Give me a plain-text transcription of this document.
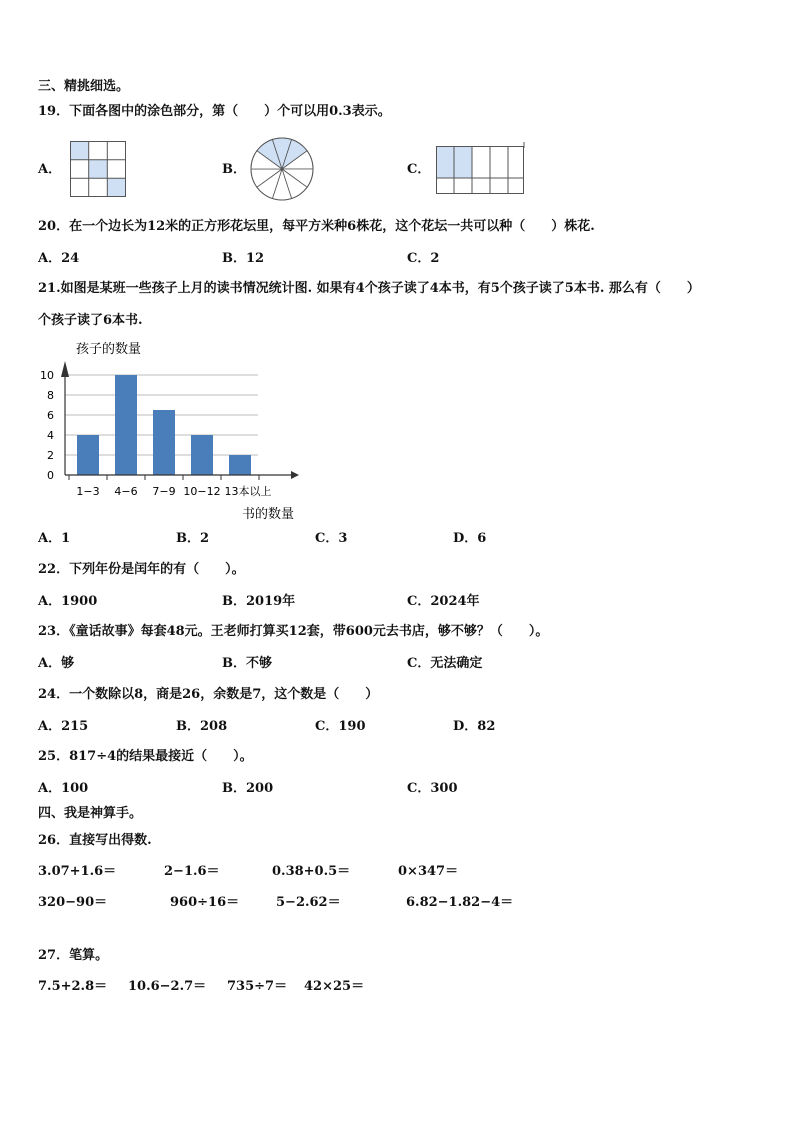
三、精挑细选。
19．下面各图中的涂色部分，第（　　）个可以用0.3表示。
A．	B．	C．
20．在一个边长为12米的正方形花坛里，每平方米种6株花，这个花坛一共可以种（　　）株花.
A．24	B．12	C．2
21.如图是某班一些孩子上月的读书情况统计图. 如果有4个孩子读了4本书，有5个孩子读了5本书. 那么有（　　）
个孩子读了6本书.
0
2
4
6
8
10
1−3 4−6 7−9 10−12 13本以上
孩子的数量
书的数量
A．1	B．2	C．3	D．6
22．下列年份是闰年的有（　　）。
A．1900	B．2019年	C．2024年
23．《童话故事》每套48元。王老师打算买12套，带600元去书店，够不够？（　　）。
A．够	B．不够	C．无法确定
24．一个数除以8，商是26，余数是7，这个数是（　　）
A．215	B．208	C．190	D．82
25．817÷4的结果最接近（　　）。
A．100	B．200	C．300
四、我是神算手。
26．直接写出得数.
3.07+1.6＝	2−1.6＝	0.38+0.5＝	0×347＝
320−90＝	960÷16＝	5−2.62＝	6.82−1.82−4＝
27．笔算。
7.5+2.8＝ 10.6−2.7＝ 735÷7＝ 42×25＝
